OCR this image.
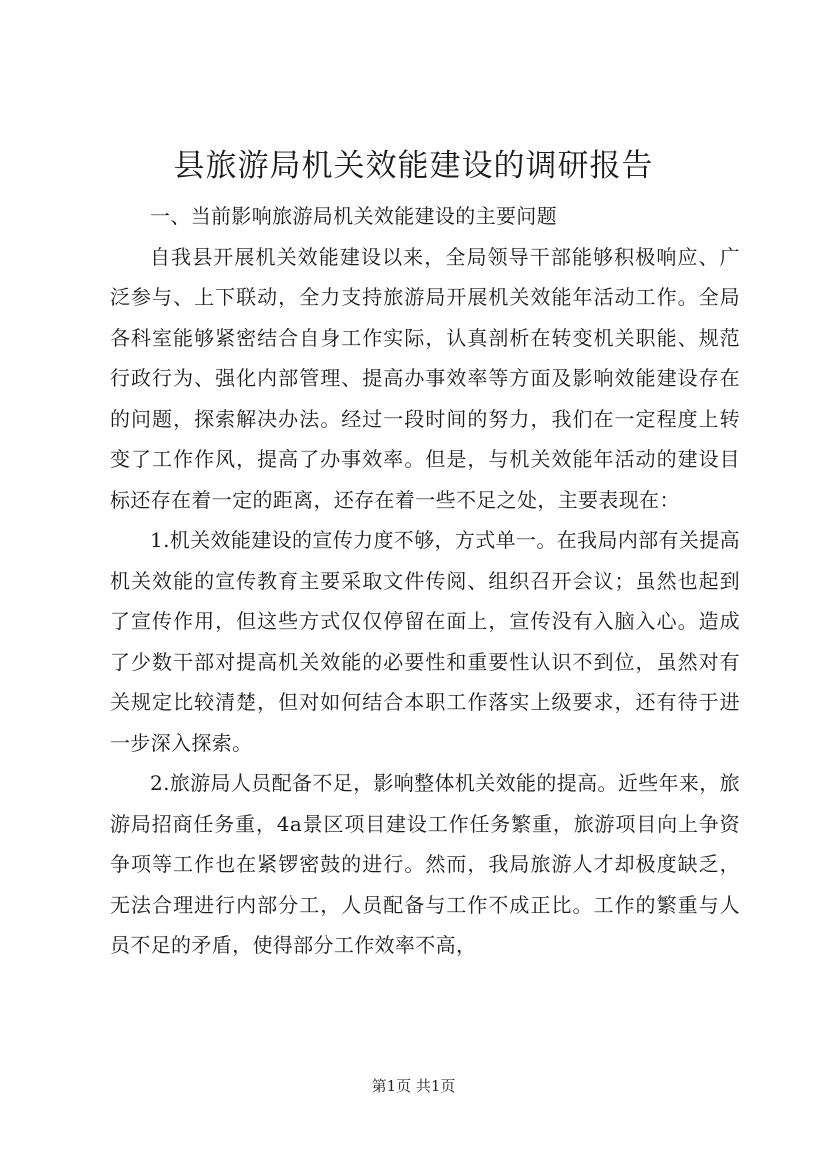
县旅游局机关效能建设的调研报告

一、当前影响旅游局机关效能建设的主要问题

自我县开展机关效能建设以来，全局领导干部能够积极响应、广泛参与、上下联动，全力支持旅游局开展机关效能年活动工作。全局各科室能够紧密结合自身工作实际，认真剖析在转变机关职能、规范行政行为、强化内部管理、提高办事效率等方面及影响效能建设存在的问题，探索解决办法。经过一段时间的努力，我们在一定程度上转变了工作作风，提高了办事效率。但是，与机关效能年活动的建设目标还存在着一定的距离，还存在着一些不足之处，主要表现在：

1.机关效能建设的宣传力度不够，方式单一。在我局内部有关提高机关效能的宣传教育主要采取文件传阅、组织召开会议；虽然也起到了宣传作用，但这些方式仅仅停留在面上，宣传没有入脑入心。造成了少数干部对提高机关效能的必要性和重要性认识不到位，虽然对有关规定比较清楚，但对如何结合本职工作落实上级要求，还有待于进一步深入探索。

2.旅游局人员配备不足，影响整体机关效能的提高。近些年来，旅游局招商任务重，4a景区项目建设工作任务繁重，旅游项目向上争资争项等工作也在紧锣密鼓的进行。然而，我局旅游人才却极度缺乏，无法合理进行内部分工，人员配备与工作不成正比。工作的繁重与人员不足的矛盾，使得部分工作效率不高，

第1页 共1页
